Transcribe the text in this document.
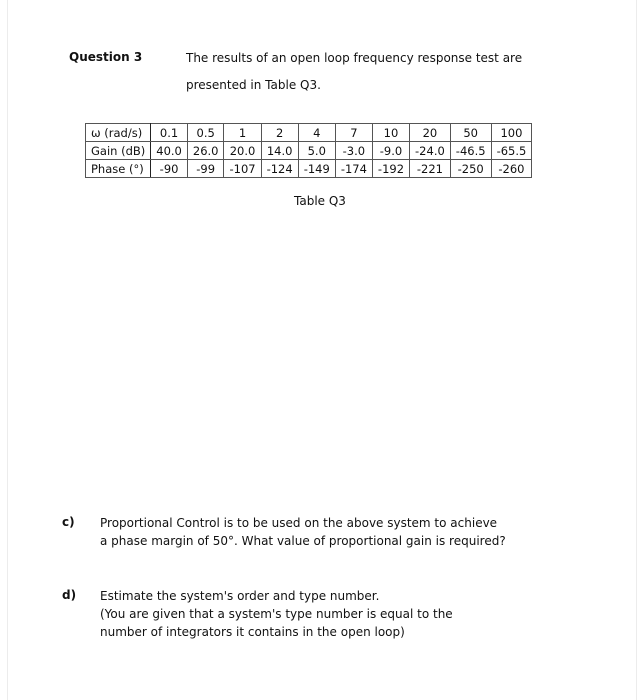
Question 3	The results of an open loop frequency response test are
presented in Table Q3.
ω (rad/s)	0.1	0.5	1	2	4	7	10	20	50	100
Gain (dB)	40.0	26.0	20.0	14.0	5.0	-3.0	-9.0	-24.0	-46.5	-65.5
Phase (°)	-90	-99	-107	-124	-149	-174	-192	-221	-250	-260
Table Q3
c) Proportional Control is to be used on the above system to achieve
a phase margin of 50°. What value of proportional gain is required?
d) Estimate the system's order and type number.
(You are given that a system's type number is equal to the
number of integrators it contains in the open loop)
